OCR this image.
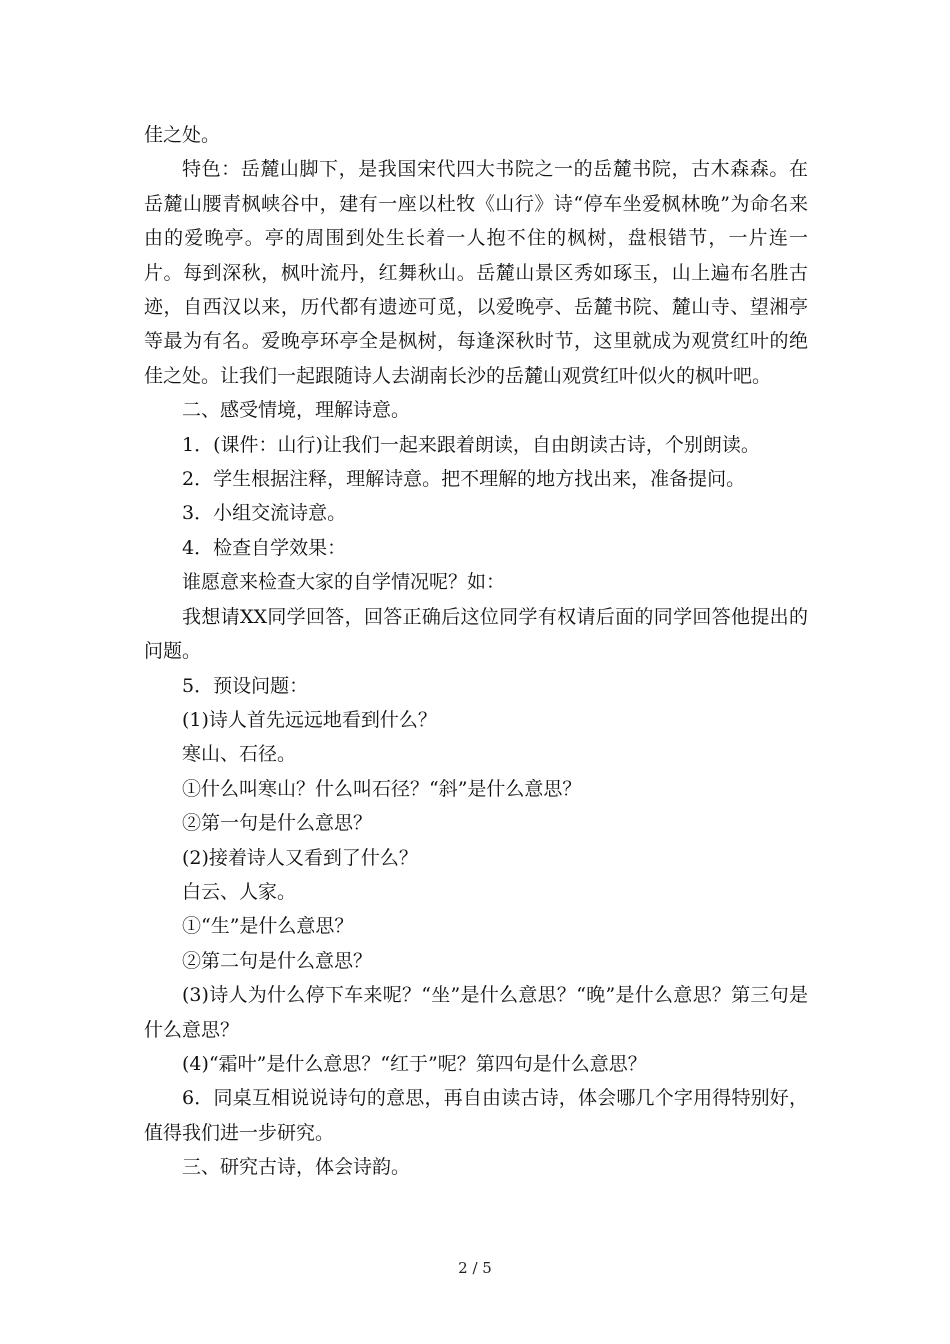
佳之处。

特色：岳麓山脚下，是我国宋代四大书院之一的岳麓书院，古木森森。在岳麓山腰青枫峡谷中，建有一座以杜牧《山行》诗“停车坐爱枫林晚”为命名来由的爱晚亭。亭的周围到处生长着一人抱不住的枫树，盘根错节，一片连一片。每到深秋，枫叶流丹，红舞秋山。岳麓山景区秀如琢玉，山上遍布名胜古迹，自西汉以来，历代都有遗迹可觅，以爱晚亭、岳麓书院、麓山寺、望湘亭等最为有名。爱晚亭环亭全是枫树，每逢深秋时节，这里就成为观赏红叶的绝佳之处。让我们一起跟随诗人去湖南长沙的岳麓山观赏红叶似火的枫叶吧。

二、感受情境，理解诗意。

1．(课件：山行)让我们一起来跟着朗读，自由朗读古诗，个别朗读。

2．学生根据注释，理解诗意。把不理解的地方找出来，准备提问。

3．小组交流诗意。

4．检查自学效果：

谁愿意来检查大家的自学情况呢？如：

我想请XX同学回答，回答正确后这位同学有权请后面的同学回答他提出的问题。

5．预设问题：

(1)诗人首先远远地看到什么？

寒山、石径。

①什么叫寒山？什么叫石径？“斜”是什么意思？

②第一句是什么意思？

(2)接着诗人又看到了什么？

白云、人家。

①“生”是什么意思？

②第二句是什么意思？

(3)诗人为什么停下车来呢？“坐”是什么意思？“晚”是什么意思？第三句是什么意思？

(4)“霜叶”是什么意思？“红于”呢？第四句是什么意思？

6．同桌互相说说诗句的意思，再自由读古诗，体会哪几个字用得特别好，值得我们进一步研究。

三、研究古诗，体会诗韵。

2 / 5
